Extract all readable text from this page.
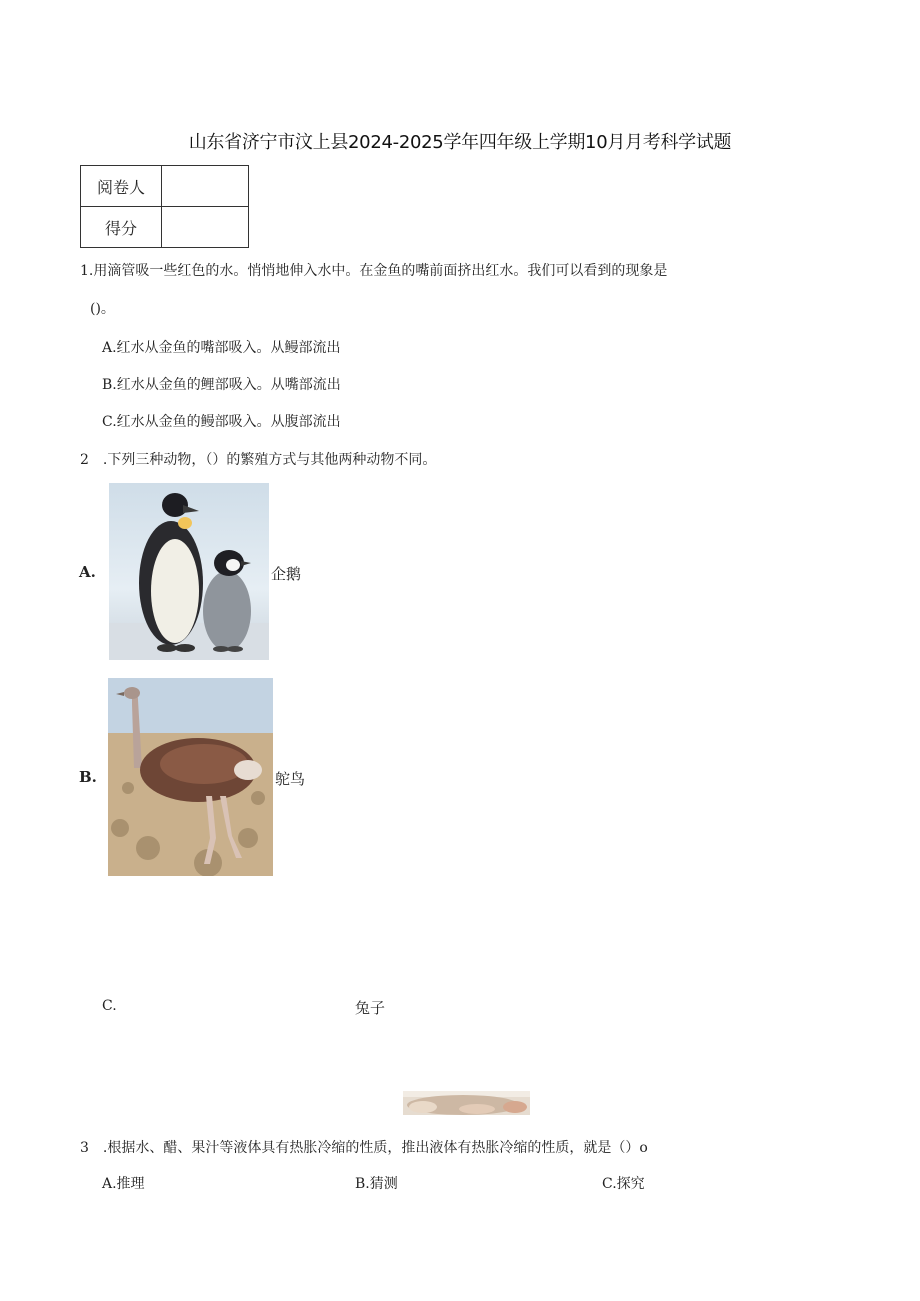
山东省济宁市汶上县2024-2025学年四年级上学期10月月考科学试题
阅卷人	
得分	
1.用滴管吸一些红色的水。悄悄地伸入水中。在金鱼的嘴前面挤出红水。我们可以看到的现象是
()。
A.红水从金鱼的嘴部吸入。从鳗部流出
B.红水从金鱼的鲤部吸入。从嘴部流出
C.红水从金鱼的鳗部吸入。从腹部流出
2　.下列三种动物，（）的繁殖方式与其他两种动物不同。
A.	企鹅
B.	鸵鸟
C.	兔子
3　.根据水、醋、果汁等液体具有热胀冷缩的性质，推出液体有热胀冷缩的性质，就是（）o
A.推理	B.猜测	C.探究
